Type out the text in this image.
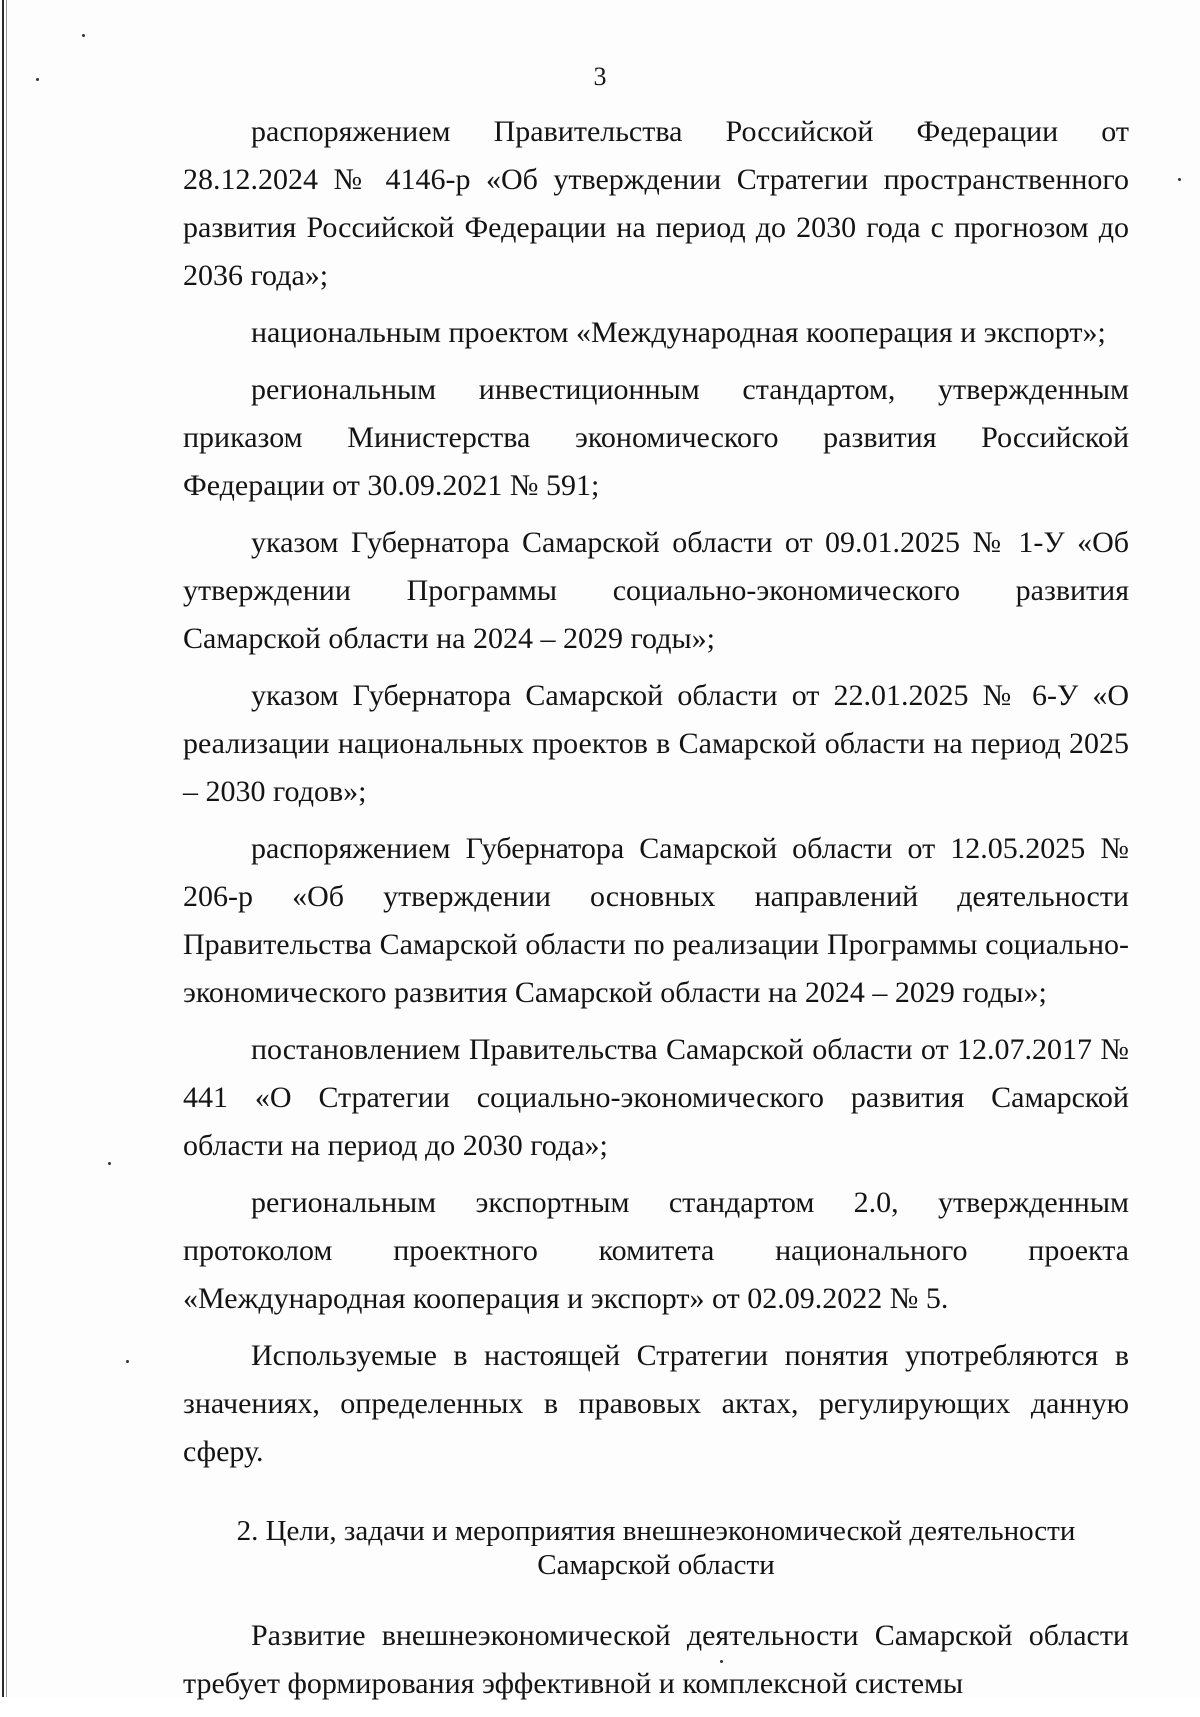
3

распоряжением Правительства Российской Федерации от 28.12.2024 № 4146-р «Об утверждении Стратегии пространственного развития Российской Федерации на период до 2030 года с прогнозом до 2036 года»;

национальным проектом «Международная кооперация и экспорт»;

региональным инвестиционным стандартом, утвержденным приказом Министерства экономического развития Российской Федерации от 30.09.2021 № 591;

указом Губернатора Самарской области от 09.01.2025 № 1-У «Об утверждении Программы социально-экономического развития Самарской области на 2024 – 2029 годы»;

указом Губернатора Самарской области от 22.01.2025 № 6-У «О реализации национальных проектов в Самарской области на период 2025 – 2030 годов»;

распоряжением Губернатора Самарской области от 12.05.2025 № 206-р «Об утверждении основных направлений деятельности Правительства Самарской области по реализации Программы социально-экономического развития Самарской области на 2024 – 2029 годы»;

постановлением Правительства Самарской области от 12.07.2017 № 441 «О Стратегии социально-экономического развития Самарской области на период до 2030 года»;

региональным экспортным стандартом 2.0, утвержденным протоколом проектного комитета национального проекта «Международная кооперация и экспорт» от 02.09.2022 № 5.

Используемые в настоящей Стратегии понятия употребляются в значениях, определенных в правовых актах, регулирующих данную сферу.

2. Цели, задачи и мероприятия внешнеэкономической деятельности
Самарской области

Развитие внешнеэкономической деятельности Самарской области требует формирования эффективной и комплексной системы
